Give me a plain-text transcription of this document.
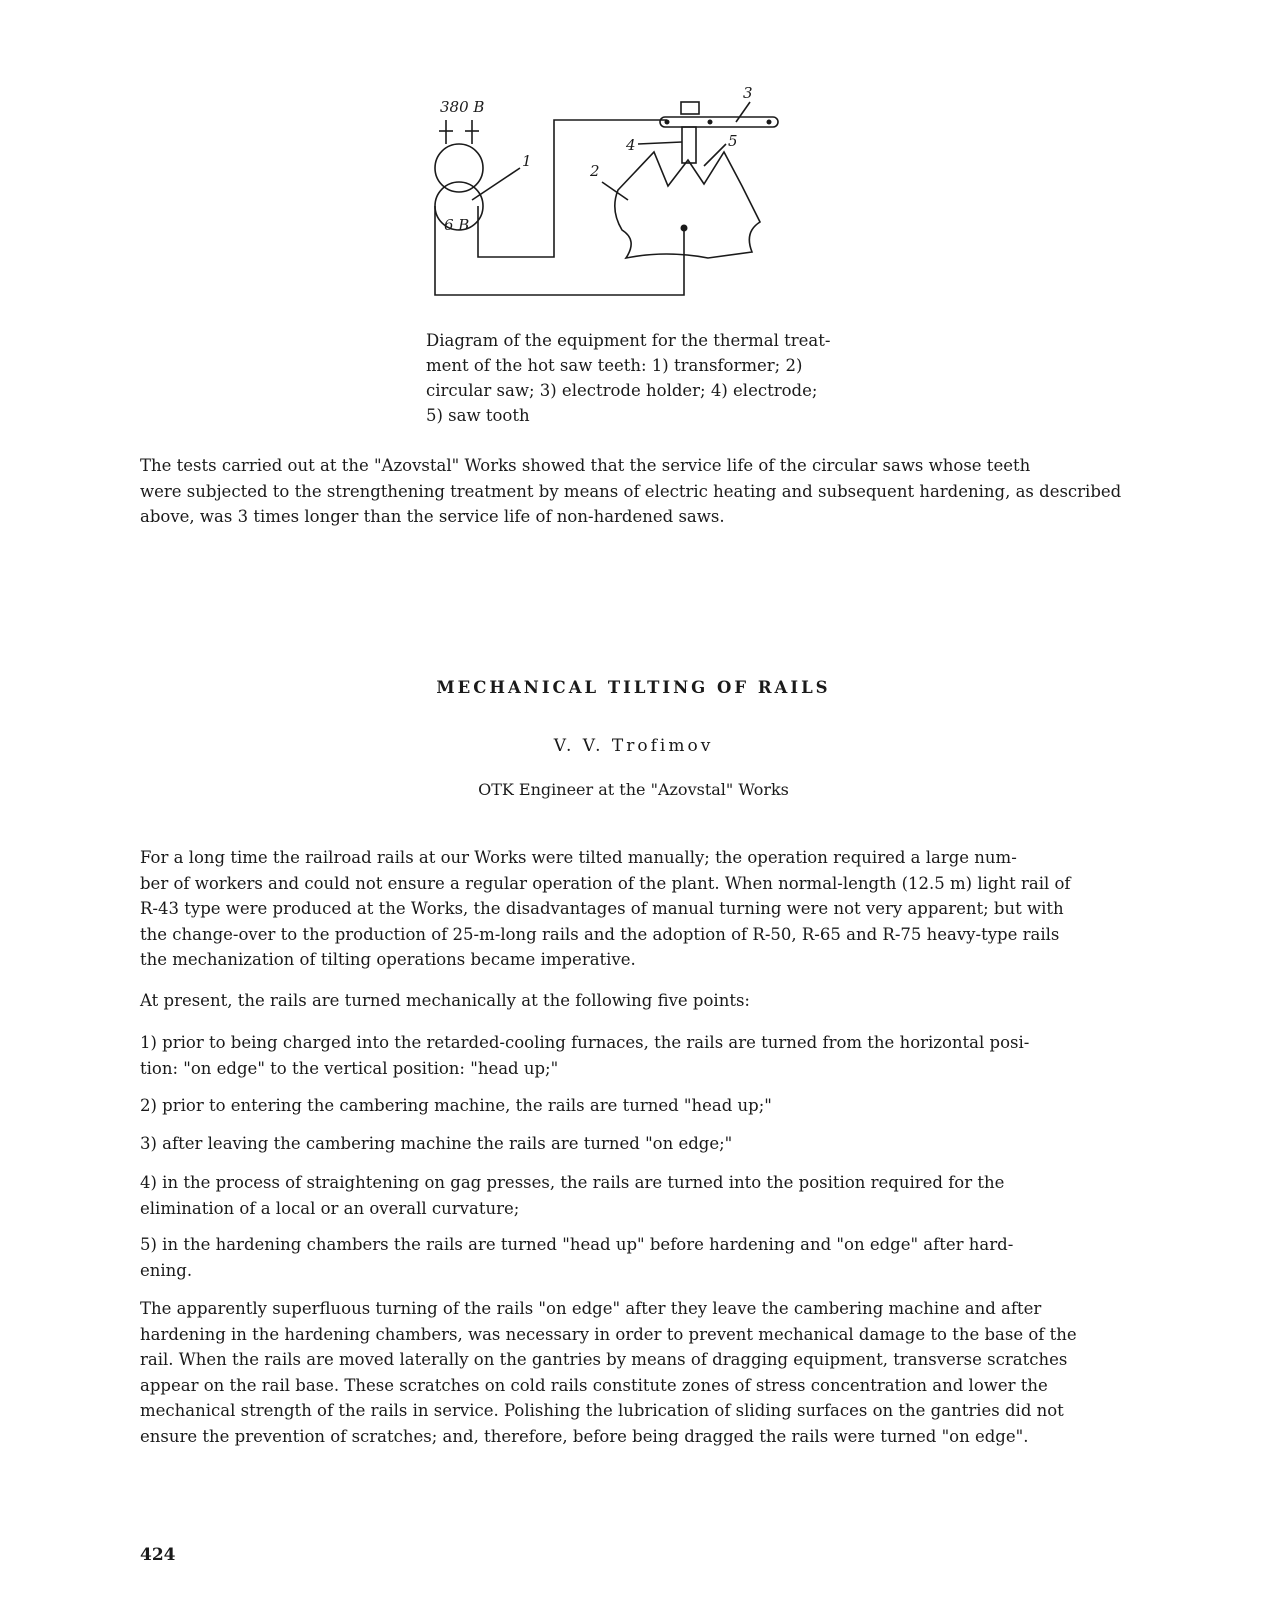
380 В
6 В
1
2
3
4	5

Diagram of the equipment for the thermal treat-
ment of the hot saw teeth: 1) transformer; 2)
circular saw; 3) electrode holder; 4) electrode;
5) saw tooth

The tests carried out at the "Azovstal" Works showed that the service life of the circular saws whose teeth
were subjected to the strengthening treatment by means of electric heating and subsequent hardening, as described
above, was 3 times longer than the service life of non-hardened saws.

MECHANICAL TILTING OF RAILS

V. V. Trofimov

OTK Engineer at the "Azovstal" Works

For a long time the railroad rails at our Works were tilted manually; the operation required a large num-
ber of workers and could not ensure a regular operation of the plant. When normal-length (12.5 m) light rail of
R-43 type were produced at the Works, the disadvantages of manual turning were not very apparent; but with
the change-over to the production of 25-m-long rails and the adoption of R-50, R-65 and R-75 heavy-type rails
the mechanization of tilting operations became imperative.

At present, the rails are turned mechanically at the following five points:

1) prior to being charged into the retarded-cooling furnaces, the rails are turned from the horizontal posi-
tion: "on edge" to the vertical position: "head up;"

2) prior to entering the cambering machine, the rails are turned "head up;"

3) after leaving the cambering machine the rails are turned "on edge;"

4) in the process of straightening on gag presses, the rails are turned into the position required for the
elimination of a local or an overall curvature;

5) in the hardening chambers the rails are turned "head up" before hardening and "on edge" after hard-
ening.

The apparently superfluous turning of the rails "on edge" after they leave the cambering machine and after
hardening in the hardening chambers, was necessary in order to prevent mechanical damage to the base of the
rail. When the rails are moved laterally on the gantries by means of dragging equipment, transverse scratches
appear on the rail base. These scratches on cold rails constitute zones of stress concentration and lower the
mechanical strength of the rails in service. Polishing the lubrication of sliding surfaces on the gantries did not
ensure the prevention of scratches; and, therefore, before being dragged the rails were turned "on edge".

424
